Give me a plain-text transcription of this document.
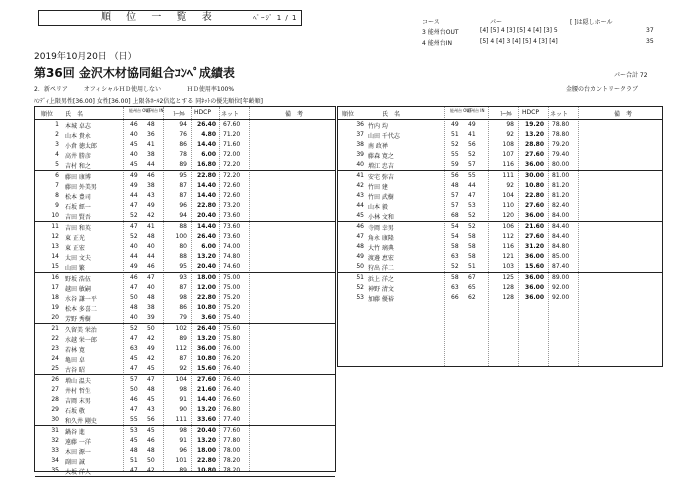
順 位 一 覧 表	ﾍﾟｰｼﾞ 1 / 1
コース	パー	[ ]は隠しホール
3 能州台OUT	[4] [5] 4 [3] [5] 4 [4] [3] 5	37
4 能州台IN	[5] 4 [4] 3 [4] [5] 4 [3] [4]	35
パー合計 72
2019年10月20日 （日）
第36回 金沢木材協同組合ｺﾝﾍﾟ成績表
2．新ペリア	オフィシャルＨＤ使用しない	ＨＤ使用率100%
ﾊﾝﾃﾞｨ上限男性[36.00] 女性[36.00] 上限各ﾎｰﾙ2倍迄とする 同ﾈｯﾄの優先順位[年齢順]
金腰の台カントリークラブ
順位 氏　名
能州台 OUT
能州台 IN
ﾄｰﾀﾙ HDCP ネット	備　考
1 本城 卓志	46 48	94	26.40 67.60
2 山本 貴永	40 36	76	4.80 71.20
3 小倉 徳太郎	45 41	86	14.40 71.60
4 高井 勝彦	40 38	78	6.00 72.00
5 吉村 和之	45 44	89	16.80 72.20
6 藤田 康博	49 46	95	22.80 72.20
7 藤田 外美男	49 38	87	14.40 72.60
8 松本 豊司	44 43	87	14.40 72.60
9 石坂 經一	47 49	96	22.80 73.20
10 吉田 賢吾	52 42	94	20.40 73.60
11 吉田 和英	47 41	88	14.40 73.60
12 東 正光	52 48	100	26.40 73.60
13 東 正宏	40 40	80	6.00 74.00
14 太田 文夫	44 44	88	13.20 74.80
15 山田 繁	49 46	95	20.40 74.60
16 野坂 浩伍	46 47	93	18.00 75.00
17 越田 敏嗣	47 40	87	12.00 75.00
18 水谷 謙一平	50 48	98	22.80 75.20
19 松本 多喜二	48 38	86	10.80 75.20
20 芳野 秀樹	40 39	79	3.60 75.40
21 久留美 栄治	52 50	102	26.40 75.60
22 水越 栄一郎	47 42	89	13.20 75.80
23 若林 寛	63 49	112	36.00 76.00
24 亀田 卓	45 42	87	10.80 76.20
25 古谷 昭	47 45	92	15.60 76.40
26 増山 温夫	57 47	104	27.60 76.40
27 井村 哲生	50 48	98	21.60 76.40
28 吉岡 末男	46 45	91	14.40 76.60
29 石坂 敬	47 43	90	13.20 76.80
30 和久井 剛史	55 56	111	33.60 77.40
31 鍋谷 進	53 45	98	20.40 77.60
32 遠藤 一洋	45 46	91	13.20 77.80
33 木田 源一	48 48	96	18.00 78.00
34 副田 誠	51 50	101	22.80 78.20
35 大坂 洋人	47 42	89	10.80 78.20
順位	氏　名
能州台 OUT
能州台 IN
ﾄｰﾀﾙ HDCP ネット	備　考
36 竹内 均	49 49	98	19.20 78.80
37 山田 千代志	51 41	92	13.20 78.80
38 南 政禅	52 56	108	28.80 79.20
39 藤森 寛之	55 52	107	27.60 79.40
40 増江 忠吉	59 57	116	36.00 80.00
41 安宅 弥吉	56 55	111	30.00 81.00
42 竹田 建	48 44	92	10.80 81.20
43 竹田 武樹	57 47	104	22.80 81.20
44 山本 毅	57 53	110	27.60 82.40
45 小林 文和	68 52	120	36.00 84.00
46 寺岡 幸男	54 52	106	21.60 84.40
47 角永 康隆	54 58	112	27.60 84.40
48 大竹 璃典	58 58	116	31.20 84.80
49 渡邊 恵宏	63 58	121	36.00 85.00
50 狩出 洋二	52 51	103	15.60 87.40
51 浜上 洋之	58 67	125	36.00 89.00
52 神野 清文	63 65	128	36.00 92.00
53 加藤 優裕	66 62	128	36.00 92.00
